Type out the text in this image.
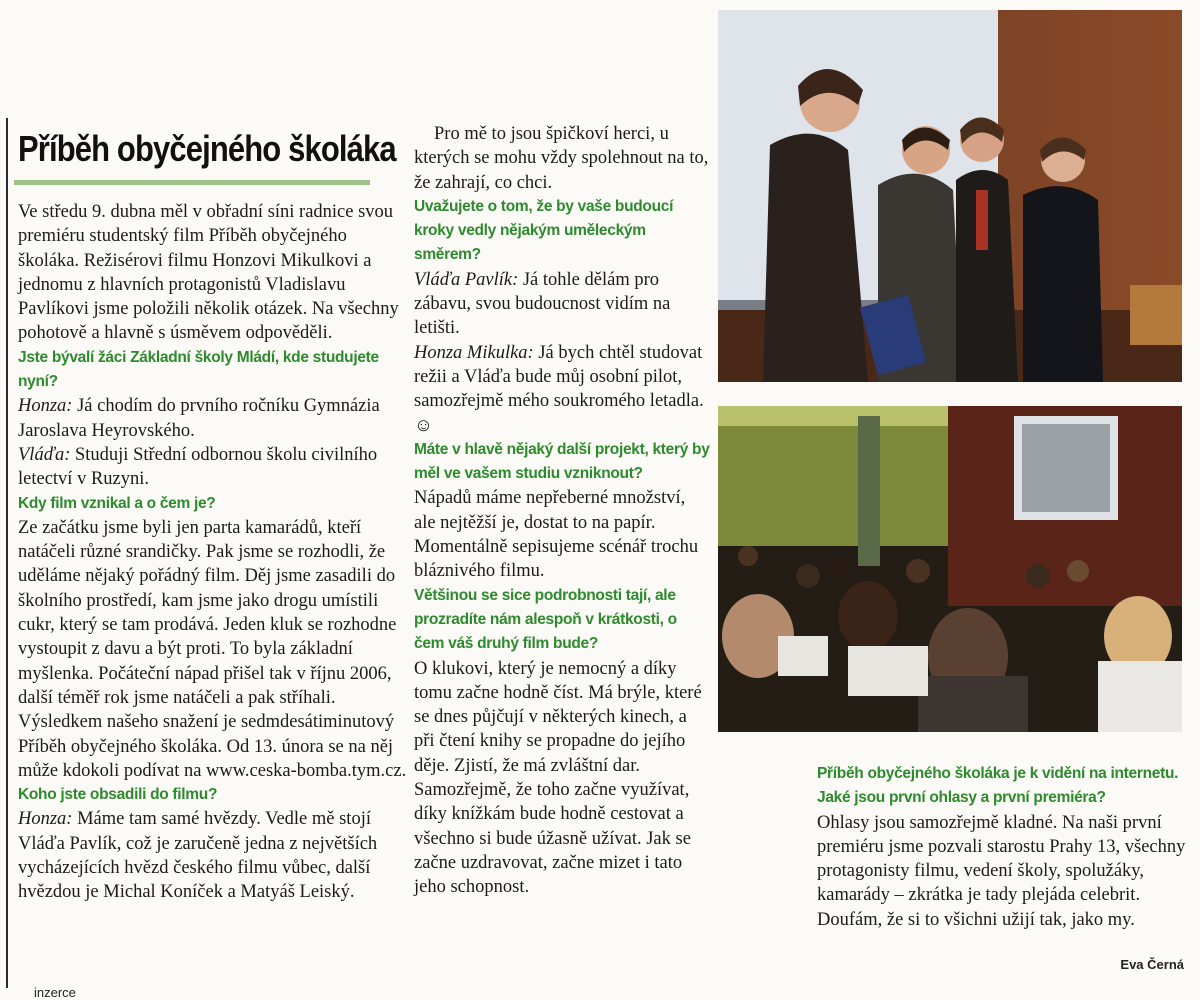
Příběh obyčejného školáka

Ve středu 9. dubna měl v obřadní síni radnice svou premiéru studentský film Příběh obyčejného školáka. Režisérovi filmu Honzovi Mikulkovi a jednomu z hlavních protagonistů Vladislavu Pavlíkovi jsme položili několik otázek. Na všechny pohotově a hlavně s úsměvem odpověděli.

Jste bývalí žáci Základní školy Mládí, kde studujete nyní?

Honza: Já chodím do prvního ročníku Gymnázia Jaroslava Heyrovského.

Vláďa: Studuji Střední odbornou školu civilního letectví v Ruzyni.

Kdy film vznikal a o čem je?

Ze začátku jsme byli jen parta kamarádů, kteří natáčeli různé srandičky. Pak jsme se rozhodli, že uděláme nějaký pořádný film. Děj jsme zasadili do školního prostředí, kam jsme jako drogu umístili cukr, který se tam prodává. Jeden kluk se rozhodne vystoupit z davu a být proti. To byla základní myšlenka. Počáteční nápad přišel tak v říjnu 2006, další téměř rok jsme natáčeli a pak stříhali. Výsledkem našeho snažení je sedmdesátiminutový Příběh obyčejného školáka. Od 13. února se na něj může kdokoli podívat na www.ceska-bomba.tym.cz.

Koho jste obsadili do filmu?

Honza: Máme tam samé hvězdy. Vedle mě stojí Vláďa Pavlík, což je zaručeně jedna z největších vycházejících hvězd českého filmu vůbec, další hvězdou je Michal Koníček a Matyáš Leiský.

Pro mě to jsou špičkoví herci, u kterých se mohu vždy spolehnout na to, že zahrají, co chci.

Uvažujete o tom, že by vaše budoucí kroky vedly nějakým uměleckým směrem?

Vláďa Pavlík: Já tohle dělám pro zábavu, svou budoucnost vidím na letišti.

Honza Mikulka: Já bych chtěl studovat režii a Vláďa bude můj osobní pilot, samozřejmě mého soukromého letadla. ☺

Máte v hlavě nějaký další projekt, který by měl ve vašem studiu vzniknout?

Nápadů máme nepřeberné množství, ale nejtěžší je, dostat to na papír. Momentálně sepisujeme scénář trochu bláznivého filmu.

Většinou se sice podrobnosti tají, ale prozradíte nám alespoň v krátkosti, o čem váš druhý film bude?

O klukovi, který je nemocný a díky tomu začne hodně číst. Má brýle, které se dnes půjčují v některých kinech, a při čtení knihy se propadne do jejího děje. Zjistí, že má zvláštní dar. Samozřejmě, že toho začne využívat, díky knížkám bude hodně cestovat a všechno si bude úžasně užívat. Jak se začne uzdravovat, začne mizet i tato jeho schopnost.

Příběh obyčejného školáka je k vidění na internetu. Jaké jsou první ohlasy a první premiéra?

Ohlasy jsou samozřejmě kladné. Na naši první premiéru jsme pozvali starostu Prahy 13, všechny protagonisty filmu, vedení školy, spolužáky, kamarády – zkrátka je tady plejáda celebrit. Doufám, že si to všichni užijí tak, jako my.

Eva Černá
inzerce
